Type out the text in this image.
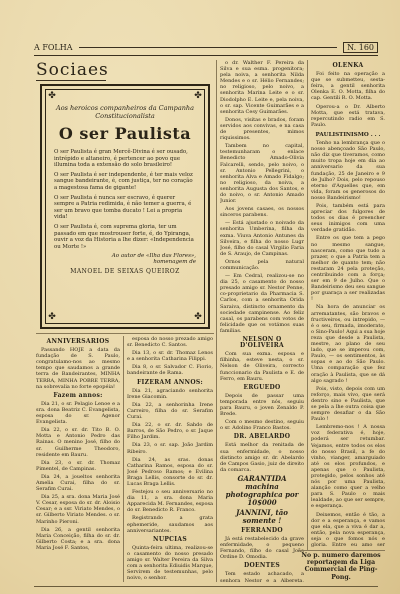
A FOLHA	N. 160
Sociaes
✤	✤
✤	✤
Aos heroicos companheiros da Campanha Constitucionalista
O ser Paulista

O ser Paulista é gran Mercê-Divina é ser ousado, intrépido e altaneiro, é pertencer ao povo que illumina toda a extensão do solo brasileiro!

O ser Paulista é ser independente, é ter mais veloz sangue bandeirante, é, com justiça, ter no coração a magestosa fama de gigante!

O ser Paulista é nunca ser escravo, é querer sempre a Patria redimida, é não temer a guerra, é ser um bravo que tomba ducato ! Lei a propria vida!

O ser Paulista é, com suprema gloria, ter um passado em que mostrouser forte, é, do Ypiranga, ouvir a voz da Historia a lhe dizer: «Independencia ou Morte !»

Ao autor de «Ilha das Flores»,
homenagem de
MANOEL DE SEIXAS QUEIROZ

ANNIVERSARIOS

Passando HOJE a data da fundação de S. Paulo, congratulamo-nos ao mesmo tempo que saudamos a grande terra de Bandeirantes, MINHA TERRA, MINHA POBRE TERRA, na sobrevalia no forte epopéia!

Fazem annos:

Dia 21, o sr. Pelagio Lenoe e a sra. dona Beatriz C. Evangelista, esposa do sr. Agenor Evangelista.

Dia 22, o sr. dr. Tito B. O. Motta e Antonio Pedro das Rainas. O menino José, filho do sr. Guilherme Theodoro, residente em Bauru.

Dia 23, o sr. dr. Thomaz Pimentel, de Campinas.

Dia 24, a joueltos senhorita Amelia Curai, filha do sr. Serafim Curai.

Dia 25, a sra. dona Maria José V. Cesar, esposa do sr. dr. Aloisio Cesar; e a ssr. Viriato Mendes, o sr. Gilberto Viriato Mendes. o sr. Marinho Pieroni.

Dia 26, a gentil senhorita Maria Conceição, filha do sr. dr. Gilberto Costa; e a sra. dona Maria José F. Santos,

esposa do nosso prezado amigo sr. Benedicto C. Santos.

Dia 13, o sr. dr. Thomaz Lenos e a senhorita Catharina Filippi.

Dia 8, o sr. Salvador C. Fiorio, bandeirante de Rama.

FIZERAM ANNOS:

Dia 21, agraciando senhorita Irene Giacomin.

Dia 22, a senhorinha Irene Carreiro, filha do sr. Serafim Curai.

Dia 22, o sr. dr. Sahdo de Barros, de São Pedro, o sr. Jaque Filho Jardim.

Dia 23, o sr. sap. João Jardim Ribeiro.

Dia 24, as sras. donas Catharina Ramos, esposa do sr. José Pedroso Ramos; e Evilina Braga Lellis, consorte do sr. dr. Lucas Braga Lellis.

Festejou o seu anniversario no dia 11, a sra. dona Maria Apparecida M. Fernandes, esposa do sr. Benedicto R. Franco.

Registrando a grata ephemeride, saudamos aos anniversariantes.

NUPCIAS

Quinta-feira ultima, realizou-se o casamento do nosso presado amigo sr. Walter Pereira da Silva com a senhorita Ediuidis Marque, Servirem de testemunhas, pelo noivo, o senhor.

o dr. Walther F. Pereira da Silva e sua esma. progenitora; pela noiva, a senhorita Nilda Mendes e o sr. Hélio Fernandes; no religioso, pelo noivo, a senhorita Marina Leite e o sr. Diodolpho E. Leite e, pela noiva, o sr. sap. Vicente Guimarães e a senhorita Cesy Guimarães.

Donos, visitas e brados, foram servidos aos convivas, e na casa de presentes, mimos riquissimos.

Tambem no capital, testemunharam o enlace Benedicto Amado-Olivia Falcarelli, sendo, pelo noivo, o sr. Antonio Pellegrini, o senhorita Alva e Amado Fidalgo; no religioso, da noiva, a senhorita Augusta dos Santos, e do noivo, o sr. Antonio Amado Junior.

Aos jovens casaes, os nossos sinceros parabens.

— Está ajustado o noivado da senhorita Umberina, filha da exma. Viuva Antonio Antunes da Silveira, e filha do nosso Lugr José, filho do casal Virgilio Faria de S. Araujo, de Campinas.

Ornos pela natural communicação.

— Em Cedral, realizou-se no dia 25, o casamento do nosso presado amigo sr. Nestor Penne, co-proprietario da Pharmacia S. Carlos, com a senhorita Orida Saraiva, distincto ornamento da sociedade campinense. Ao feliz casal, os parabens com votos de felicidade que os votámos suas familias.

NELSON O D'OLIVEIRA

Com sua exma. esposa e filhinha, esteve nesta, o sr. Nelson de Oliveira, correcto funccionario da Paulista e E. de Ferro, em Bauru.

ERGUEDO

Depois de passar uma temporada entre nós, seguiu para Bauru, o joven Zenaldo P. Brede.

Com o mesmo destino, seguiu o sr. Adolino Franco Bastos.

DR. ABELARDO

Está melhor da renitada de sua enfermidade, o nosso distincto amigo sr. dr. Abelardo de Campos Gasio, juiz de direito da comarca.

GARANTIDA machina photographica por 10$000

JANNINI, tão somente !

FERRANDO

Já está restabelecido da grave enfermidade, o pequeno Fernando, filho do casal João Ordine D. Omodia.

DOENTES

Tem estado achacado, a senhora Nestor e a Albereta,

OLENKA

Foi feito na operação a que se submetteu, sesta-feira, a gentil senhorita Olenka E. O. Motta, filha do cap. Gentili R. O. Motta.

Operou-a o Dr. Alberto Motta, que está tratava, repercutindo radio em S. Paulo.

PAULISTINISMO . . .

Tenho na lembrança que o nosso abençoado São Paulo, não diz que tiveramos, como muito tropa hoje em dia ao anniversario da sua fundação, 25 de Janeiro e 9 de Julho? Dois, pelo repouso eterno d'Aquelles que, em vida, foram os generosos do nosso Bandeirismo!

Pois, também está para apreciar dos fulgores de todos os dias é preencher seus inimigos com uma verdade gratidão.

Entre os que tem a pego no mesmo sangue, nasceram, como que tudo a prazer, o que a Patria tem a melhor de quanto tem; não restaram 24 pela proteção, centribuindo com a força; ser em 9 de Julho. Que o Bandeirismo deu seu sangue por guaraça a ser realizadas !

Na hora de anunciar os arrematantes, são bravos e fructiveiros, ou intrepido, — é o seu, firmada, imoderato, o Sino-Paulo! Aqui a sua hoje reza que desde a Paulista, mestre, ao plano de seu lado, que se imperou com, Paulo, — os sentimentos, às sopas e ao do São Paulo. Uma comparação que fez oração à Paulista, que se dá algo sagrado !

Pois, visto, depois com um reforço, mais vivo, que será dentro sino e Paulista, que se pela a lhe outra coisa que sempre desafiar o da São Paulo !

Lembremo-nos ! A nossa voz federativa é, hoje, poderá ser retumbar. Vejamos, entre todos os elos do nosso Brasil, a fe do vinho, vianger, amarguiado até os elos profundos, e apenas que o Paulista, protegido, pelos sonhos até nós por uma Paulista, alanção como quer a velho para S. Paulo o mais lealdade, ao que ser sempre, e esperança.

Deixemos, então é tão, a dor e a esperança, e vamos que ela, que a viva é dar a, então, pela nova esperança, seja o que fomos nós e gloria. Entre eu amo ser

No p. numero daremos reportagem da Liga Commercial de Ping-Pong.
